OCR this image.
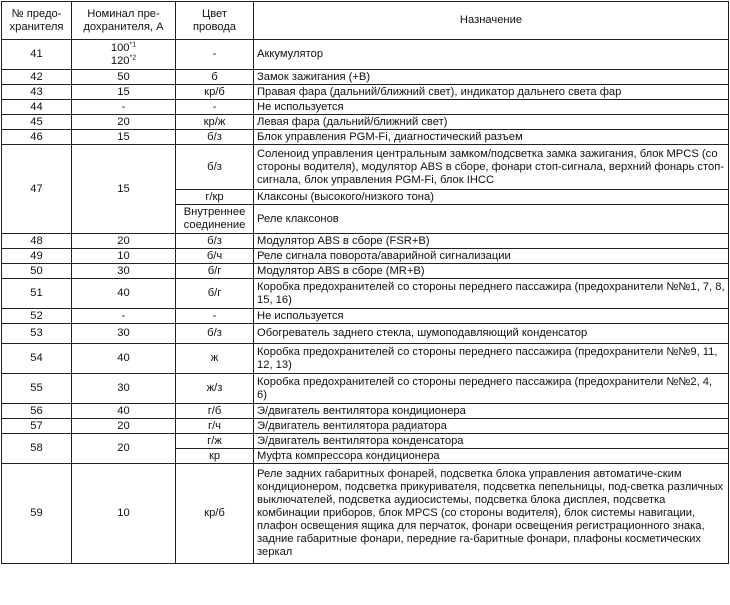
№ предо-
хранителя	Номинал пре-
дохранителя, А	Цвет
провода	Назначение
41	100$^{*1}$
120$^{*2}$	-	Аккумулятор
42	50	б	Замок зажигания (+В)
43	15	кр/б	Правая фара (дальний/ближний свет), индикатор дальнего света фар
44	-	-	Не используется
45	20	кр/ж	Левая фара (дальний/ближний свет)
46	15	б/з	Блок управления PGM-Fi, диагностический разъем
47	15	б/з	Соленоид управления центральным замком/подсветка замка зажигания, блок MPCS (со стороны водителя), модулятор ABS в сборе, фонари стоп-сигнала, верхний фонарь стоп-сигнала, блок управления PGM-Fi, блок IHCC
		г/кр	Клаксоны (высокого/низкого тона)
		Внутреннее соединение	Реле клаксонов
48	20	б/з	Модулятор ABS в сборе (FSR+B)
49	10	б/ч	Реле сигнала поворота/аварийной сигнализации
50	30	б/г	Модулятор ABS в сборе (MR+B)
51	40	б/г	Коробка предохранителей со стороны переднего пассажира (предохранители №№1, 7, 8, 15, 16)
52	-	-	Не используется
53	30	б/з	Обогреватель заднего стекла, шумоподавляющий конденсатор
54	40	ж	Коробка предохранителей со стороны переднего пассажира (предохранители №№9, 11, 12, 13)
55	30	ж/з	Коробка предохранителей со стороны переднего пассажира (предохранители №№2, 4, 6)
56	40	г/б	Э/двигатель вентилятора кондиционера
57	20	г/ч	Э/двигатель вентилятора радиатора
58	20	г/ж	Э/двигатель вентилятора конденсатора
		кр	Муфта компрессора кондиционера
59	10	кр/б	Реле задних габаритных фонарей, подсветка блока управления автоматиче-ским кондиционером, подсветка прикуривателя, подсветка пепельницы, под-светка различных выключателей, подсветка аудиосистемы, подсветка блока дисплея, подсветка комбинации приборов, блок MPCS (со стороны водителя), блок системы навигации, плафон освещения ящика для перчаток, фонари освещения регистрационного знака, задние габаритные фонари, передние га-баритные фонари, плафоны косметических зеркал
